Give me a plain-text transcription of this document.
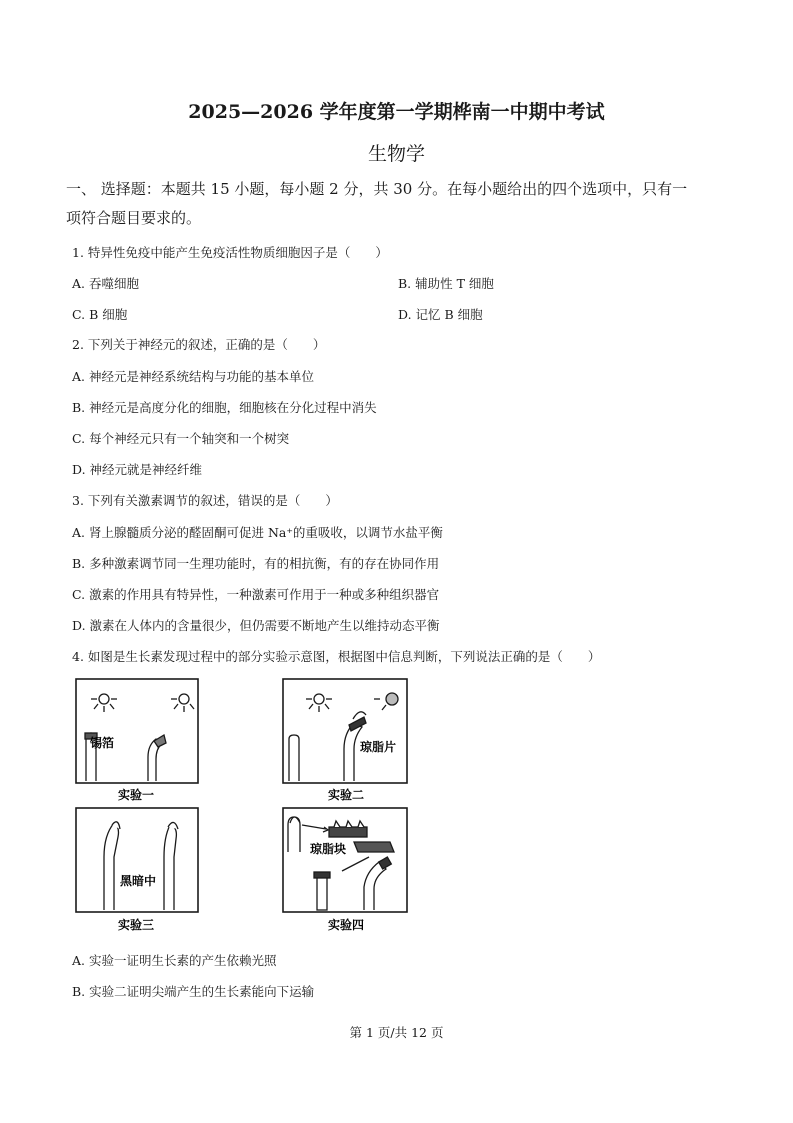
2025—2026 学年度第一学期桦南一中期中考试
生物学
一、 选择题：本题共 15 小题，每小题 2 分，共 30 分。在每小题给出的四个选项中，只有一
项符合题目要求的。
1. 特异性免疫中能产生免疫活性物质细胞因子是（　　）
A. 吞噬细胞	B. 辅助性 T 细胞
C. B 细胞	D. 记忆 B 细胞
2. 下列关于神经元的叙述，正确的是（　　）
A. 神经元是神经系统结构与功能的基本单位
B. 神经元是高度分化的细胞，细胞核在分化过程中消失
C. 每个神经元只有一个轴突和一个树突
D. 神经元就是神经纤维
3. 下列有关激素调节的叙述，错误的是（　　）
A. 肾上腺髓质分泌的醛固酮可促进 Na⁺的重吸收，以调节水盐平衡
B. 多种激素调节同一生理功能时，有的相抗衡，有的存在协同作用
C. 激素的作用具有特异性，一种激素可作用于一种或多种组织器官
D. 激素在人体内的含量很少，但仍需要不断地产生以维持动态平衡
4. 如图是生长素发现过程中的部分实验示意图，根据图中信息判断，下列说法正确的是（　　）
锡箔	琼脂片
黑暗中
琼脂块
实验一	实验二
实验三	实验四
A. 实验一证明生长素的产生依赖光照
B. 实验二证明尖端产生的生长素能向下运输
第 1 页/共 12 页
